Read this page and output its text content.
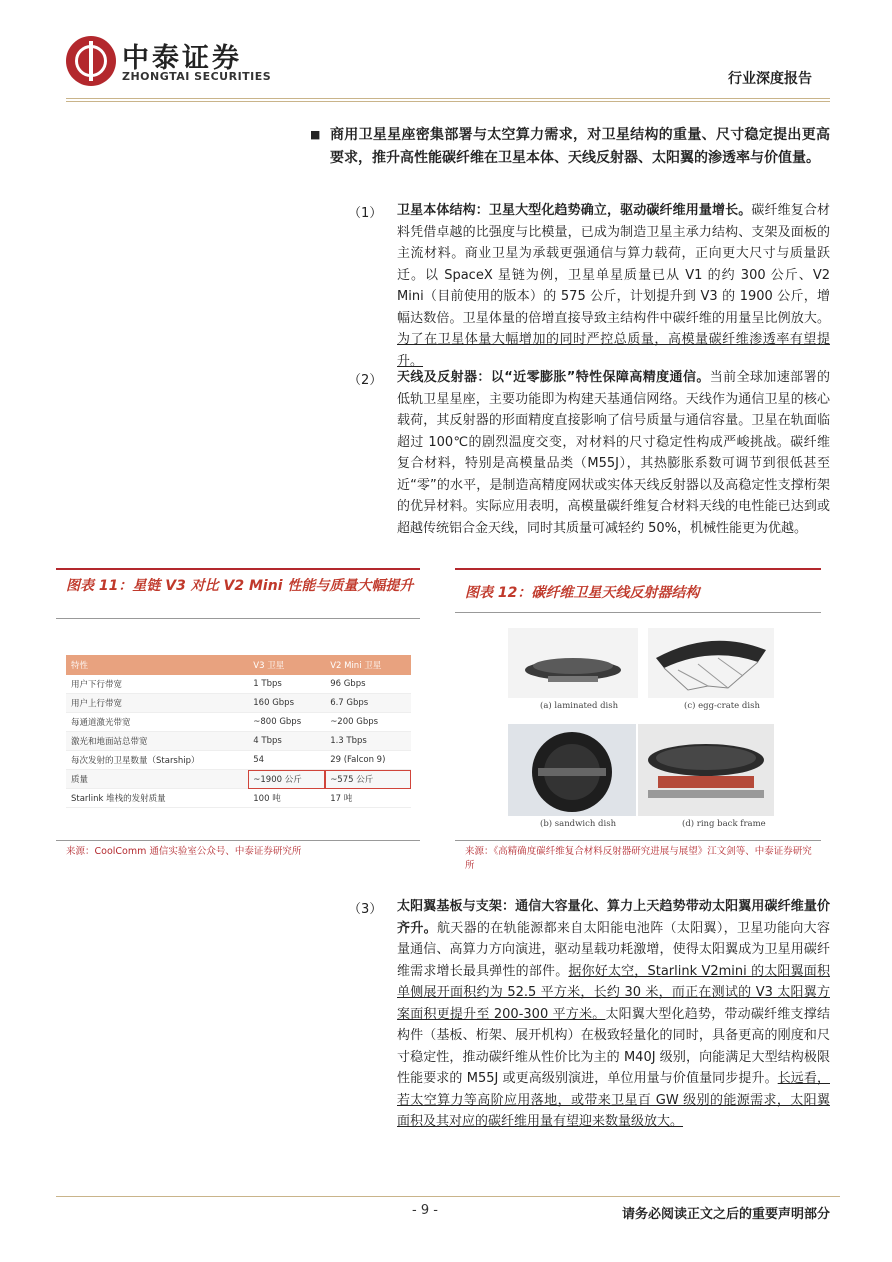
中泰证券
ZHONGTAI SECURITIES	行业深度报告
■ 商用卫星星座密集部署与太空算力需求，对卫星结构的重量、尺寸稳定提出更高要求，推升高性能碳纤维在卫星本体、天线反射器、太阳翼的渗透率与价值量。
（1） 卫星本体结构：卫星大型化趋势确立，驱动碳纤维用量增长。碳纤维复合材料凭借卓越的比强度与比模量，已成为制造卫星主承力结构、支架及面板的主流材料。商业卫星为承载更强通信与算力载荷，正向更大尺寸与质量跃迁。以 SpaceX 星链为例，卫星单星质量已从 V1 的约 300 公斤、V2 Mini（目前使用的版本）的 575 公斤，计划提升到 V3 的 1900 公斤，增幅达数倍。卫星体量的倍增直接导致主结构件中碳纤维的用量呈比例放大。为了在卫星体量大幅增加的同时严控总质量，高模量碳纤维渗透率有望提升。
（2） 天线及反射器：以“近零膨胀”特性保障高精度通信。当前全球加速部署的低轨卫星星座，主要功能即为构建天基通信网络。天线作为通信卫星的核心载荷，其反射器的形面精度直接影响了信号质量与通信容量。卫星在轨面临超过 100℃的剧烈温度交变，对材料的尺寸稳定性构成严峻挑战。碳纤维复合材料，特别是高模量品类（M55J），其热膨胀系数可调节到很低甚至近“零”的水平，是制造高精度网状或实体天线反射器以及高稳定性支撑桁架的优异材料。实际应用表明，高模量碳纤维复合材料天线的电性能已达到或超越传统铝合金天线，同时其质量可减轻约 50%，机械性能更为优越。
图表 11：星链 V3 对比 V2 Mini 性能与质量大幅提升
特性	V3 卫星	V2 Mini 卫星
用户下行带宽	1 Tbps	96 Gbps
用户上行带宽	160 Gbps	6.7 Gbps
每通道激光带宽	~800 Gbps	~200 Gbps
激光和地面站总带宽	4 Tbps	1.3 Tbps
每次发射的卫星数量（Starship）	54	29 (Falcon 9)
质量	~1900 公斤	~575 公斤
Starlink 堆栈的发射质量	100 吨	17 吨
来源：CoolComm 通信实验室公众号、中泰证券研究所
图表 12：碳纤维卫星天线反射器结构
(a) laminated dish	(c) egg-crate dish
(b) sandwich dish	(d) ring back frame
来源：《高精确度碳纤维复合材料反射器研究进展与展望》江文剑等、中泰证券研究所
（3） 太阳翼基板与支架：通信大容量化、算力上天趋势带动太阳翼用碳纤维量价齐升。航天器的在轨能源都来自太阳能电池阵（太阳翼），卫星功能向大容量通信、高算力方向演进，驱动星载功耗激增，使得太阳翼成为卫星用碳纤维需求增长最具弹性的部件。据你好太空，Starlink V2mini 的太阳翼面积单侧展开面积约为 52.5 平方米，长约 30 米，而正在测试的 V3 太阳翼方案面积更提升至 200-300 平方米。太阳翼大型化趋势，带动碳纤维支撑结构件（基板、桁架、展开机构）在极致轻量化的同时，具备更高的刚度和尺寸稳定性，推动碳纤维从性价比为主的 M40J 级别，向能满足大型结构极限性能要求的 M55J 或更高级别演进，单位用量与价值量同步提升。长远看，若太空算力等高阶应用落地，或带来卫星百 GW 级别的能源需求，太阳翼面积及其对应的碳纤维用量有望迎来数量级放大。
- 9 -	请务必阅读正文之后的重要声明部分
